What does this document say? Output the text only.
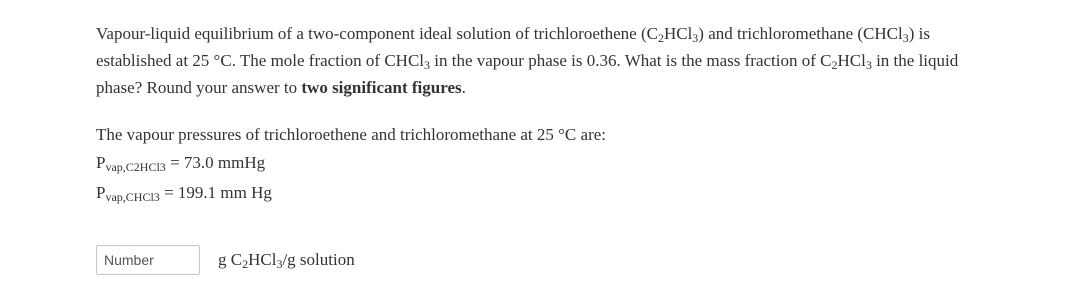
Vapour-liquid equilibrium of a two-component ideal solution of trichloroethene $(C_2HCl_3)$ and trichloromethane (CHCl$_3$) is established at 25 °C. The mole fraction of CHCl$_3$ in the vapour phase is 0.36. What is the mass fraction of $C_2HCl_3$ in the liquid phase? Round your answer to two significant figures.

The vapour pressures of trichloroethene and trichloromethane at 25 °C are:

$P_{vap,C2HCl3} = 73.0$ mmHg
$P_{vap,CHCl3} = 199.1$ mm Hg
Number
g $C_2HCl_3/g$ solution
